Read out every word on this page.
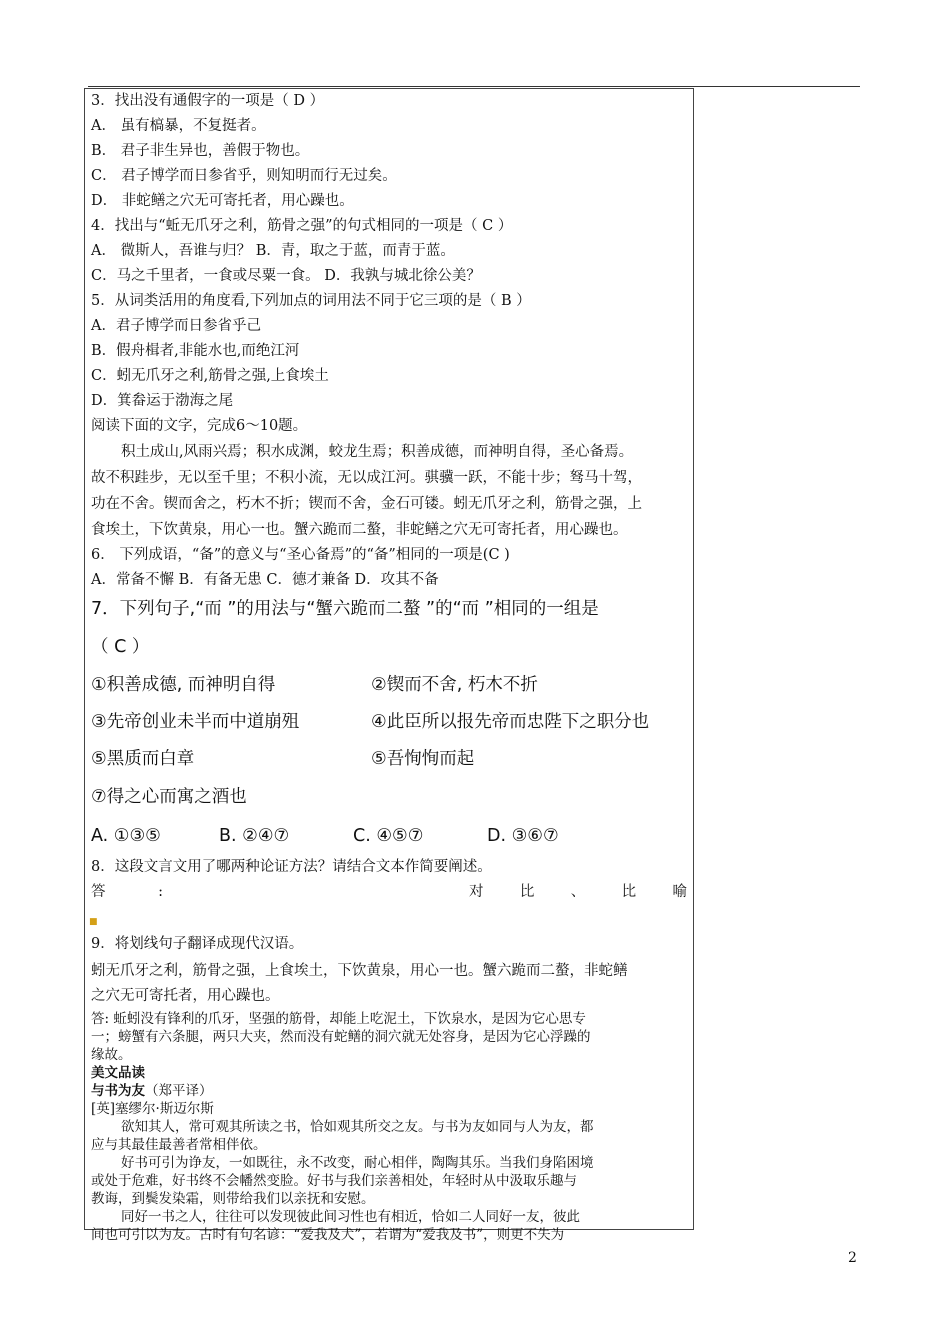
3．找出没有通假字的一项是（ D ）
A． 虽有槁暴，不复挺者。
B． 君子非生异也，善假于物也。
C． 君子博学而日参省乎，则知明而行无过矣。
D． 非蛇鳝之穴无可寄托者，用心躁也。
4．找出与“蚯无爪牙之利，筋骨之强”的句式相同的一项是（ C ）
A． 微斯人，吾谁与归？ B．青，取之于蓝，而青于蓝。
C．马之千里者，一食或尽粟一食。 D．我孰与城北徐公美？
5．从词类活用的角度看,下列加点的词用法不同于它三项的是（ B ）
A．君子博学而日参省乎己
B．假舟楫者,非能水也,而绝江河
C．蚓无爪牙之利,筋骨之强,上食埃土
D．箕畚运于渤海之尾
阅读下面的文字，完成6～10题。
积土成山,风雨兴焉；积水成渊，蛟龙生焉；积善成德，而神明自得，圣心备焉。
故不积跬步，无以至千里；不积小流，无以成江河。骐骥一跃，不能十步；驽马十驾，
功在不舍。锲而舍之，朽木不折；锲而不舍，金石可镂。蚓无爪牙之利，筋骨之强，上
食埃土，下饮黄泉，用心一也。蟹六跪而二螯，非蛇鳝之穴无可寄托者，用心躁也。
6． 下列成语，“备”的意义与“圣心备焉”的“备”相同的一项是(C )
A．常备不懈 B．有备无患 C．德才兼备 D．攻其不备
7．下列句子,“而 ”的用法与“蟹六跪而二螯 ”的“而 ”相同的一组是
（ C ）
①积善成德, 而神明自得	②锲而不舍, 朽木不折
③先帝创业未半而中道崩殂	④此臣所以报先帝而忠陛下之职分也
⑤黑质而白章	⑤吾恂恂而起
⑦得之心而寓之酒也
A. ①③⑤	B. ②④⑦	C. ④⑤⑦	D. ③⑥⑦
8．这段文言文用了哪两种论证方法？请结合文本作简要阐述。
答	:	对	比	、	比	喻
■
9．将划线句子翻译成现代汉语。
蚓无爪牙之利，筋骨之强，上食埃土，下饮黄泉，用心一也。蟹六跪而二螯，非蛇鳝
之穴无可寄托者，用心躁也。
答: 蚯蚓没有锋利的爪牙，坚强的筋骨，却能上吃泥土，下饮泉水，是因为它心思专
一；螃蟹有六条腿，两只大夹，然而没有蛇鳝的洞穴就无处容身，是因为它心浮躁的
缘故。
美文品读
与书为友（郑平译）
[英]塞缪尔·斯迈尔斯
欲知其人，常可观其所读之书，恰如观其所交之友。与书为友如同与人为友，都
应与其最佳最善者常相伴依。
好书可引为诤友，一如既往，永不改变，耐心相伴，陶陶其乐。当我们身陷困境
或处于危难，好书终不会幡然变脸。好书与我们亲善相处，年轻时从中汲取乐趣与
教诲，到鬓发染霜，则带给我们以亲抚和安慰。
同好一书之人，往往可以发现彼此间习性也有相近，恰如二人同好一友，彼此
间也可引以为友。古时有句名谚：“爱我及犬”，若谓为“爱我及书”，则更不失为
2
